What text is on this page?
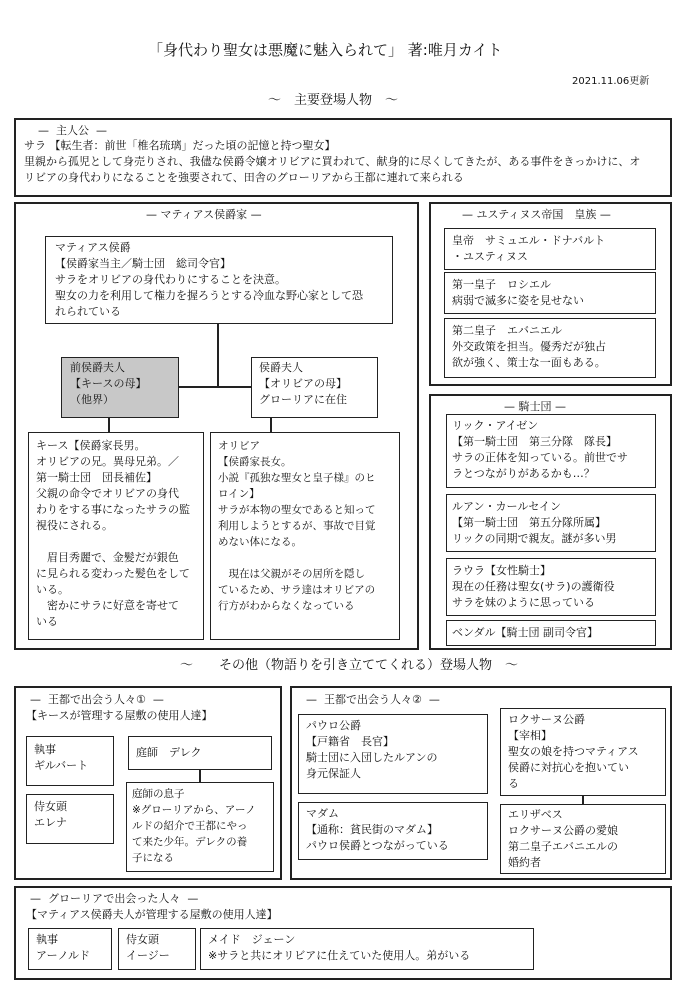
「身代わり聖女は悪魔に魅入られて」 著:唯月カイト
2021.11.06更新
〜　主要登場人物　〜
—  主人公  —
サラ 【転生者：前世「椎名琉璃」だった頃の記憶と持つ聖女】
里親から孤児として身売りされ、我儘な侯爵令嬢オリビアに買われて、献身的に尽くしてきたが、ある事件をきっかけに、オ
リビアの身代わりになることを強要されて、田舎のグローリアから王都に連れて来られる
— マティアス侯爵家 —
マティアス侯爵
【侯爵家当主／騎士団　総司令官】
サラをオリビアの身代わりにすることを決意。
聖女の力を利用して権力を握ろうとする冷血な野心家として恐
れられている
前侯爵夫人
【キースの母】
（他界）
侯爵夫人
【オリビアの母】
グローリアに在住
キース【侯爵家長男。
オリビアの兄。異母兄弟。／
第一騎士団　団長補佐】
父親の命令でオリビアの身代
わりをする事になったサラの監
視役にされる。

　眉目秀麗で、金髪だが銀色
に見られる変わった髪色をして
いる。
　密かにサラに好意を寄せて
いる
オリビア
【侯爵家長女。
小説『孤独な聖女と皇子様』のヒ
ロイン】
サラが本物の聖女であると知って
利用しようとするが、事故で目覚
めない体になる。

　現在は父親がその居所を隠し
ているため、サラ達はオリビアの
行方がわからなくなっている
— ユスティヌス帝国　皇族 —
皇帝　サミュエル・ドナバルト
・ユスティヌス
第一皇子　ロシエル
病弱で滅多に姿を見せない
第二皇子　エバニエル
外交政策を担当。優秀だが独占
欲が強く、策士な一面もある。
— 騎士団 —
リック・アイゼン
【第一騎士団　第三分隊　隊長】
サラの正体を知っている。前世でサ
ラとつながりがあるかも…？
ルアン・カールセイン
【第一騎士団　第五分隊所属】
リックの同期で親友。謎が多い男
ラウラ【女性騎士】
現在の任務は聖女(サラ)の護衛役
サラを妹のように思っている
ベンダル【騎士団 副司令官】
〜　　その他（物語りを引き立ててくれる）登場人物　〜
—  王都で出会う人々①  —
【キースが管理する屋敷の使用人達】
執事
ギルバート
庭師　デレク
侍女頭
エレナ
庭師の息子
※グローリアから、アーノ
ルドの紹介で王都にやっ
て来た少年。デレクの養
子になる
—  王都で出会う人々②  —
パウロ公爵
【戸籍省　長官】
騎士団に入団したルアンの
身元保証人
ロクサーヌ公爵
【宰相】
聖女の娘を持つマティアス
侯爵に対抗心を抱いてい
る
マダム
【通称：貧民街のマダム】
パウロ侯爵とつながっている
エリザベス
ロクサーヌ公爵の愛娘
第二皇子エバニエルの
婚約者
—  グローリアで出会った人々  —
【マティアス侯爵夫人が管理する屋敷の使用人達】
執事
アーノルド
侍女頭
イージー
メイド　ジェーン
※サラと共にオリビアに仕えていた使用人。弟がいる
